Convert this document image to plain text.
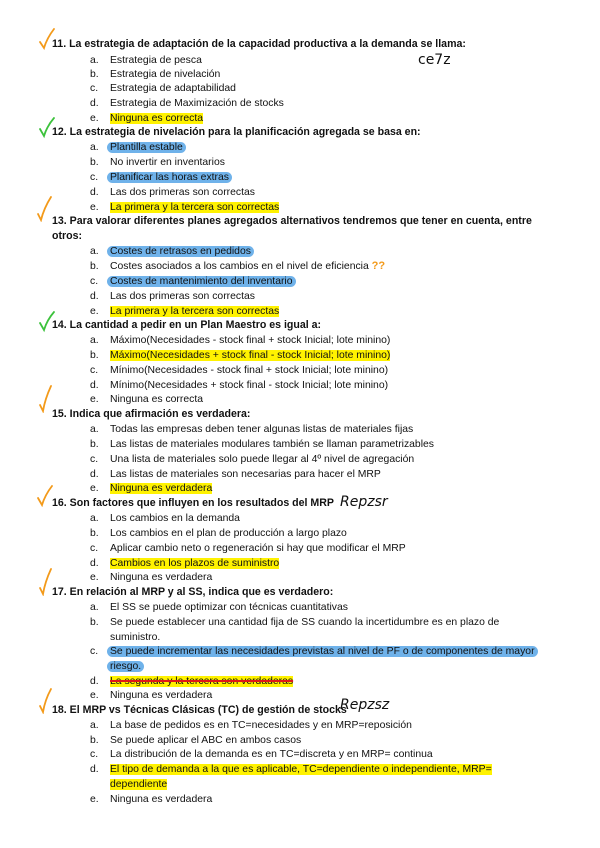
ce7z
Repzsr
Repzsz
11. La estrategia de adaptación de la capacidad productiva a la demanda se llama:
a.	Estrategia de pesca
b.	Estrategia de nivelación
c.	Estrategia de adaptabilidad
d.	Estrategia de Maximización de stocks
e.	Ninguna es correcta
12. La estrategia de nivelación para la planificación agregada se basa en:
a.	Plantilla estable
b.	No invertir en inventarios
c.	Planificar las horas extras
d.	Las dos primeras son correctas
e.	La primera y la tercera son correctas
13. Para valorar diferentes planes agregados alternativos tendremos que tener en cuenta, entre otros:
a.	Costes de retrasos en pedidos
b.	Costes asociados a los cambios en el nivel de eficiencia ??
c.	Costes de mantenimiento del inventario
d.	Las dos primeras son correctas
e.	La primera y la tercera son correctas
14. La cantidad a pedir en un Plan Maestro es igual a:
a.	Máximo(Necesidades - stock final + stock Inicial; lote minino)
b.	Máximo(Necesidades + stock final - stock Inicial; lote minino)
c.	Mínimo(Necesidades - stock final + stock Inicial; lote minino)
d.	Mínimo(Necesidades + stock final - stock Inicial; lote minino)
e.	Ninguna es correcta
15. Indica que afirmación es verdadera:
a.	Todas las empresas deben tener algunas listas de materiales fijas
b.	Las listas de materiales modulares también se llaman parametrizables
c.	Una lista de materiales solo puede llegar al 4º nivel de agregación
d.	Las listas de materiales son necesarias para hacer el MRP
e.	Ninguna es verdadera
16. Son factores que influyen en los resultados del MRP
a.	Los cambios en la demanda
b.	Los cambios en el plan de producción a largo plazo
c.	Aplicar cambio neto o regeneración si hay que modificar el MRP
d.	Cambios en los plazos de suministro
e.	Ninguna es verdadera
17. En relación al MRP y al SS, indica que es verdadero:
a.	El SS se puede optimizar con técnicas cuantitativas
b.	Se puede establecer una cantidad fija de SS cuando la incertidumbre es en plazo de suministro.
c.	Se puede incrementar las necesidades previstas al nivel de PF o de componentes de mayor riesgo.
d.	La segunda y la tercera son verdaderas
e.	Ninguna es verdadera
18. El MRP vs Técnicas Clásicas (TC) de gestión de stocks
a.	La base de pedidos es en TC=necesidades y en MRP=reposición
b.	Se puede aplicar el ABC en ambos casos
c.	La distribución de la demanda es en TC=discreta y en MRP= continua
d.	El tipo de demanda a la que es aplicable, TC=dependiente o independiente, MRP= dependiente
e.	Ninguna es verdadera
